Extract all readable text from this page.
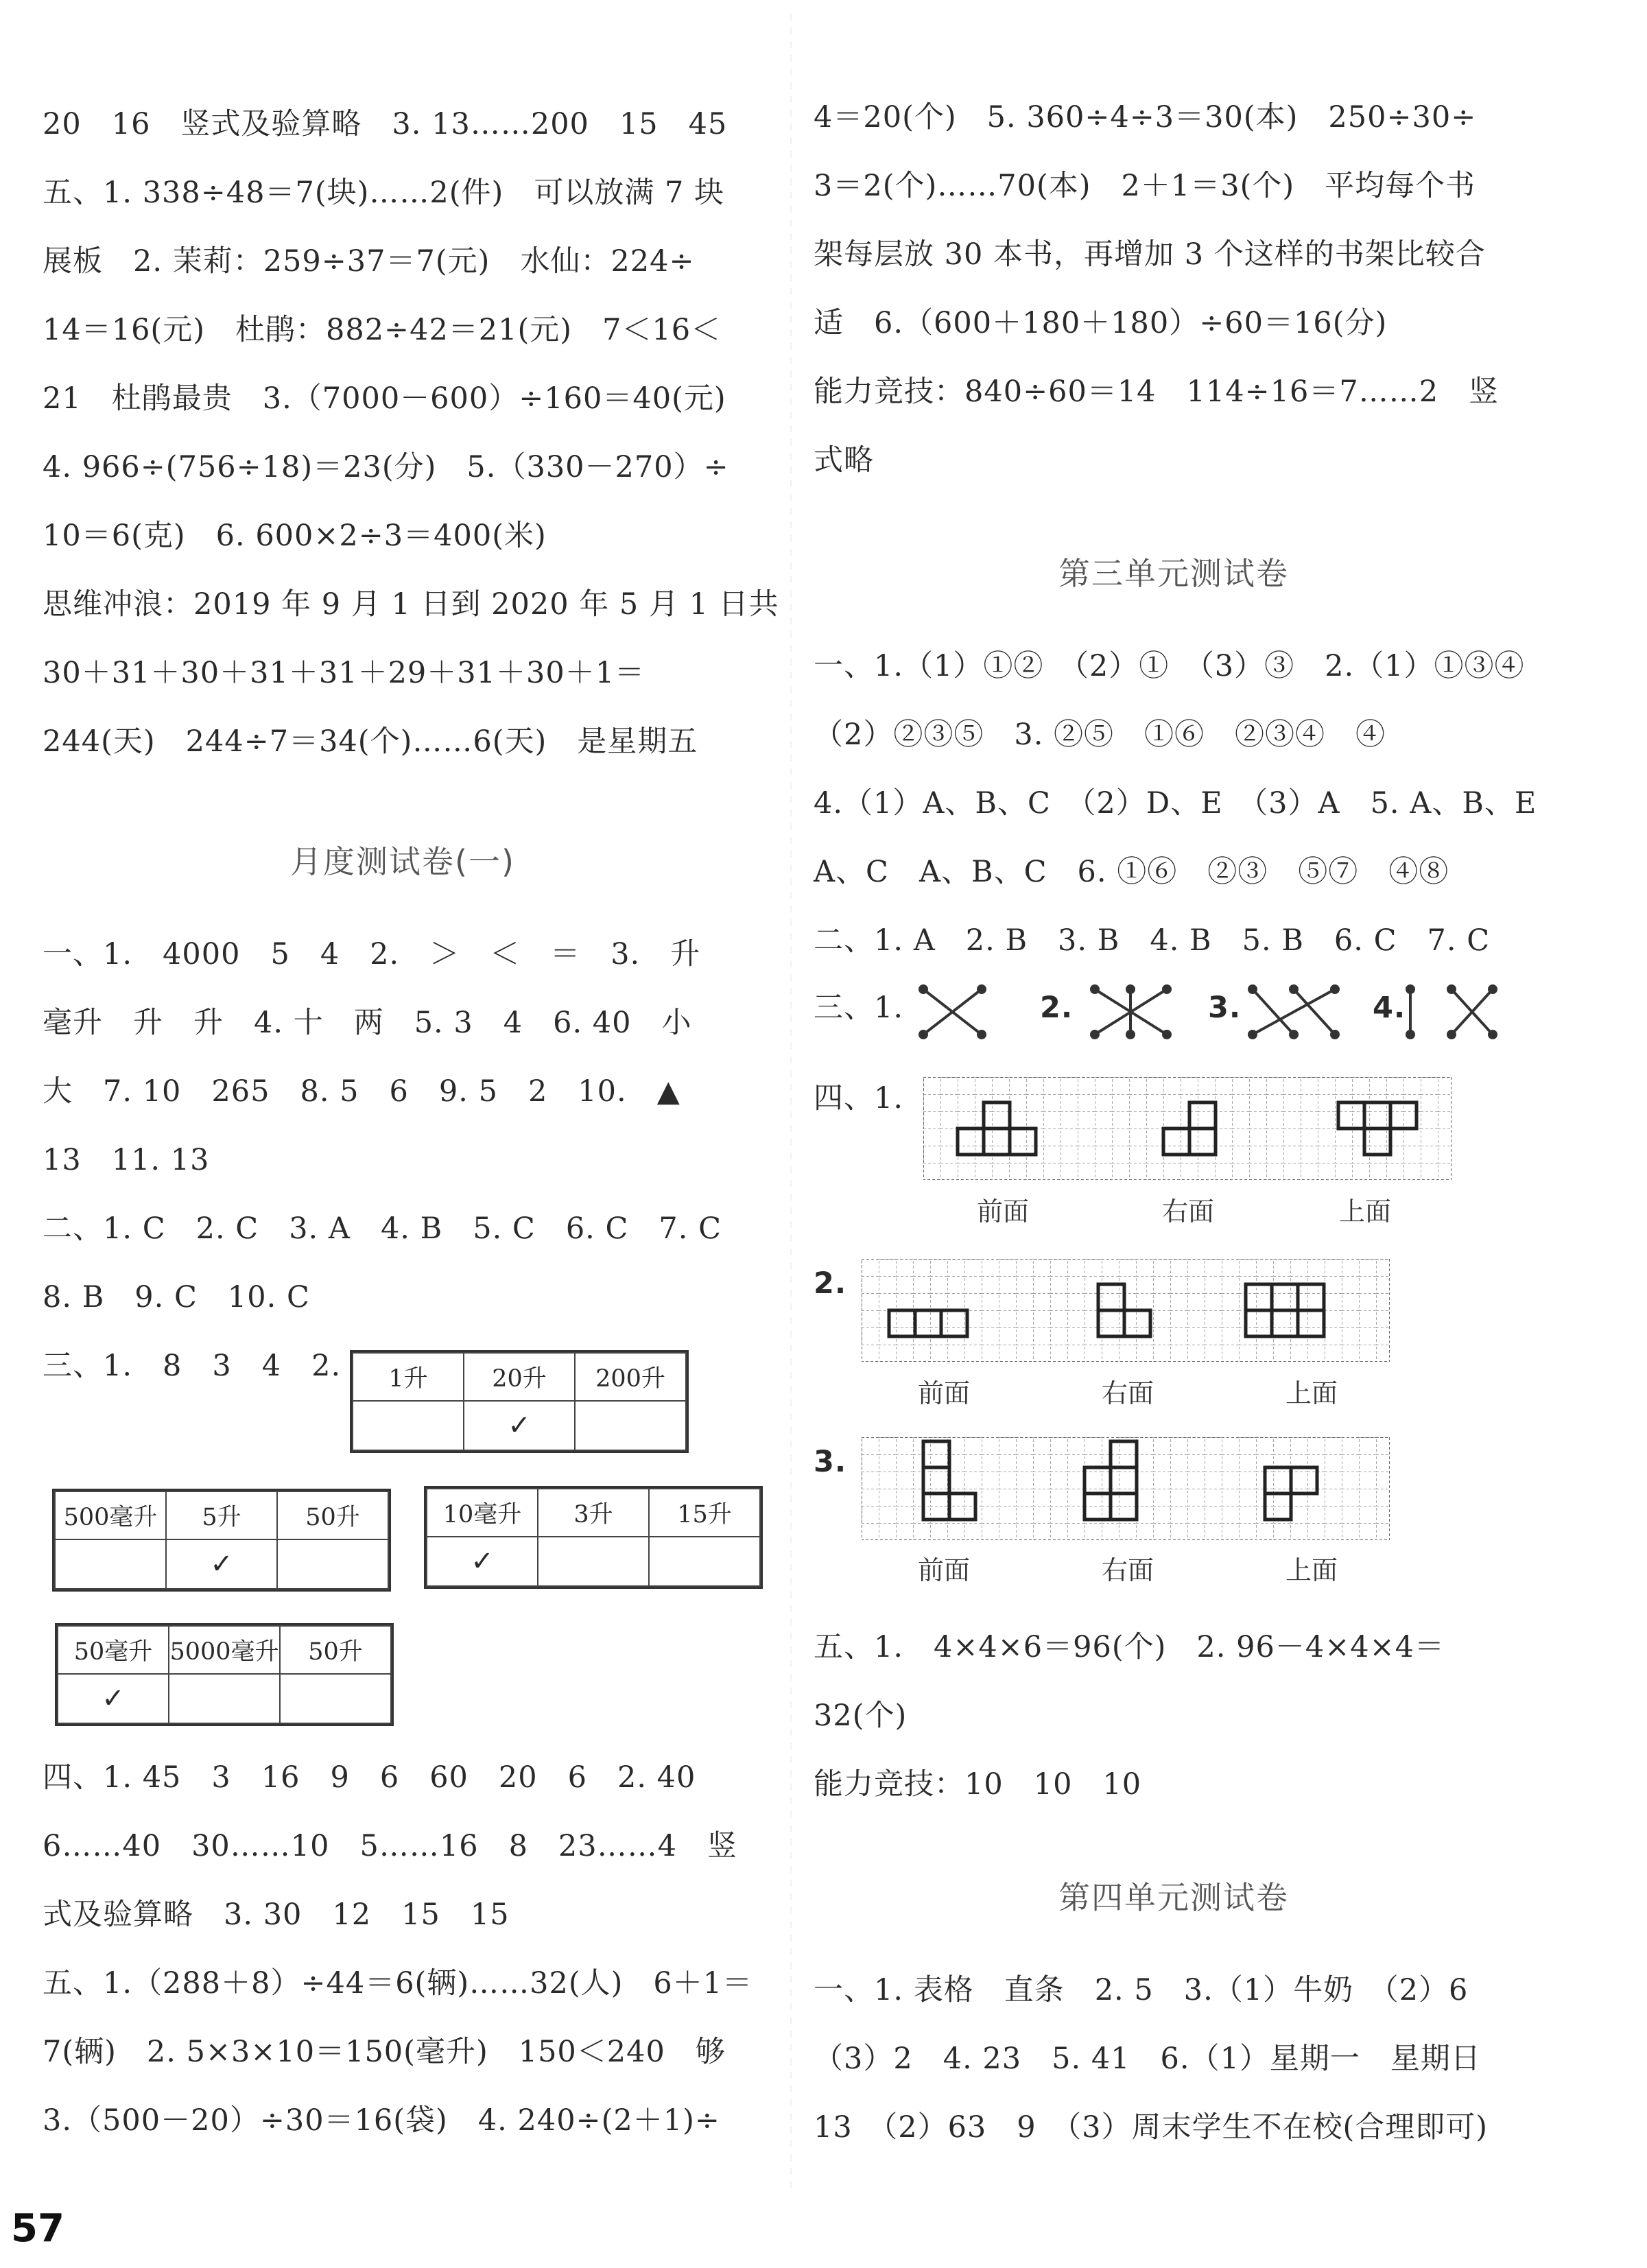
20　16　竖式及验算略　3. 13……200　15　45
五、1. 338÷48＝7(块)……2(件)　可以放满 7 块
展板　2. 茉莉：259÷37＝7(元)　水仙：224÷
14＝16(元)　杜鹃：882÷42＝21(元)　7＜16＜
21　杜鹃最贵　3.（7000－600）÷160＝40(元)
4. 966÷(756÷18)＝23(分)　5.（330－270）÷
10＝6(克)　6. 600×2÷3＝400(米)
思维冲浪：2019 年 9 月 1 日到 2020 年 5 月 1 日共
30＋31＋30＋31＋31＋29＋31＋30＋1＝
244(天)　244÷7＝34(个)……6(天)　是星期五
月度测试卷(一)
一、1.　4000　5　4　2.　＞　＜　＝　3.　升
毫升　升　升　4. 十　两　5. 3　4　6. 40　小
大　7. 10　265　8. 5　6　9. 5　2　10.　▲
13　11. 13
二、1. C　2. C　3. A　4. B　5. C　6. C　7. C
8. B　9. C　10. C
三、1.　8　3　4　2. 1升	20升	200升
	✓	
500毫升	5升	50升
	✓	
10毫升	3升	15升
✓		
50毫升	5000毫升	50升
✓		
四、1. 45　3　16　9　6　60　20　6　2. 40
6……40　30……10　5……16　8　23……4　竖
式及验算略　3. 30　12　15　15
五、1.（288＋8）÷44＝6(辆)……32(人)　6＋1＝
7(辆)　2. 5×3×10＝150(毫升)　150＜240　够
3.（500－20）÷30＝16(袋)　4. 240÷(2＋1)÷
4＝20(个)　5. 360÷4÷3＝30(本)　250÷30÷
3＝2(个)……70(本)　2＋1＝3(个)　平均每个书
架每层放 30 本书，再增加 3 个这样的书架比较合
适　6.（600＋180＋180）÷60＝16(分)
能力竞技：840÷60＝14　114÷16＝7……2　竖
式略
第三单元测试卷
一、1.（1）①②　（2）①　（3）③　2.（1）①③④
（2）②③⑤　3. ②⑤　①⑥　②③④　④
4.（1）A、B、C　（2）D、E　（3）A　5. A、B、E
A、C　A、B、C　6. ①⑥　②③　⑤⑦　④⑧
二、1. A　2. B　3. B　4. B　5. B　6. C　7. C
三、1.	2.	3.	4.
四、1.
前面	右面	上面
2.
前面	右面	上面
3.
前面	右面	上面
五、1.　4×4×6＝96(个)　2. 96－4×4×4＝
32(个)
能力竞技：10　10　10
第四单元测试卷
一、1. 表格　直条　2. 5　3.（1）牛奶　（2）6
（3）2　4. 23　5. 41　6.（1）星期一　星期日
13　（2）63　9　（3）周末学生不在校(合理即可)
57
